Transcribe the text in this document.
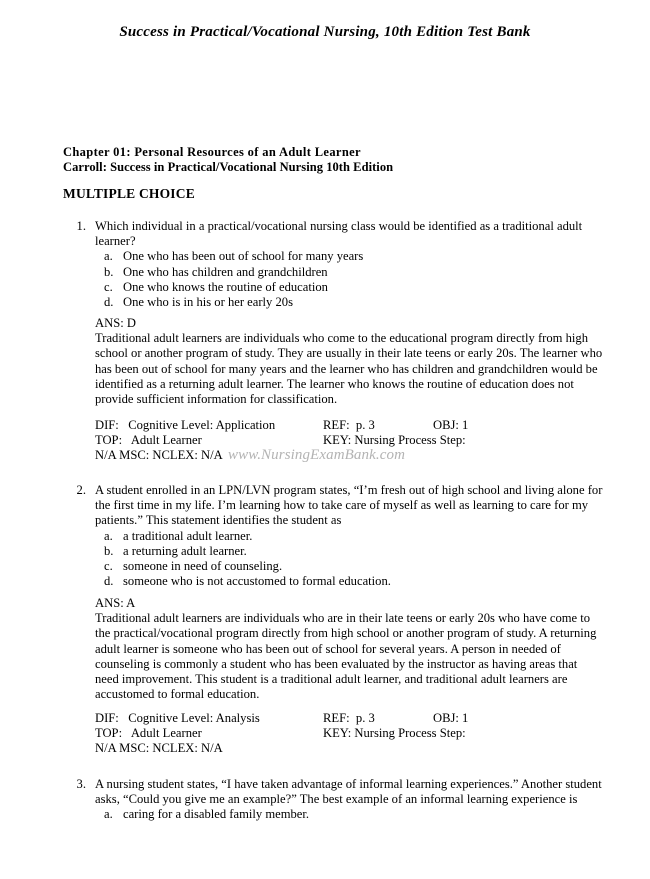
Success in Practical/Vocational Nursing, 10th Edition Test Bank
Chapter 01: Personal Resources of an Adult Learner
Carroll: Success in Practical/Vocational Nursing 10th Edition
MULTIPLE CHOICE
1. Which individual in a practical/vocational nursing class would be identified as a traditional adult learner?
a. One who has been out of school for many years
b. One who has children and grandchildren
c. One who knows the routine of education
d. One who is in his or her early 20s
ANS: D
Traditional adult learners are individuals who come to the educational program directly from high school or another program of study. They are usually in their late teens or early 20s. The learner who has been out of school for many years and the learner who has children and grandchildren would be identified as a returning adult learner. The learner who knows the routine of education does not provide sufficient information for classification.
DIF:   Cognitive Level: Application	REF:  p. 3	OBJ: 1
TOP:   Adult Learner	KEY: Nursing Process Step:
N/A MSC: NCLEX: N/A www.NursingExamBank.com
2. A student enrolled in an LPN/LVN program states, “I’m fresh out of high school and living alone for the first time in my life. I’m learning how to take care of myself as well as learning to care for my patients.” This statement identifies the student as
a. a traditional adult learner.
b. a returning adult learner.
c. someone in need of counseling.
d. someone who is not accustomed to formal education.
ANS: A
Traditional adult learners are individuals who are in their late teens or early 20s who have come to the practical/vocational program directly from high school or another program of study. A returning adult learner is someone who has been out of school for several years. A person in needed of counseling is commonly a student who has been evaluated by the instructor as having areas that need improvement. This student is a traditional adult learner, and traditional adult learners are accustomed to formal education.
DIF:   Cognitive Level: Analysis	REF:  p. 3	OBJ: 1
TOP:   Adult Learner	KEY: Nursing Process Step:
N/A MSC: NCLEX: N/A
3. A nursing student states, “I have taken advantage of informal learning experiences.” Another student asks, “Could you give me an example?” The best example of an informal learning experience is
a. caring for a disabled family member.
